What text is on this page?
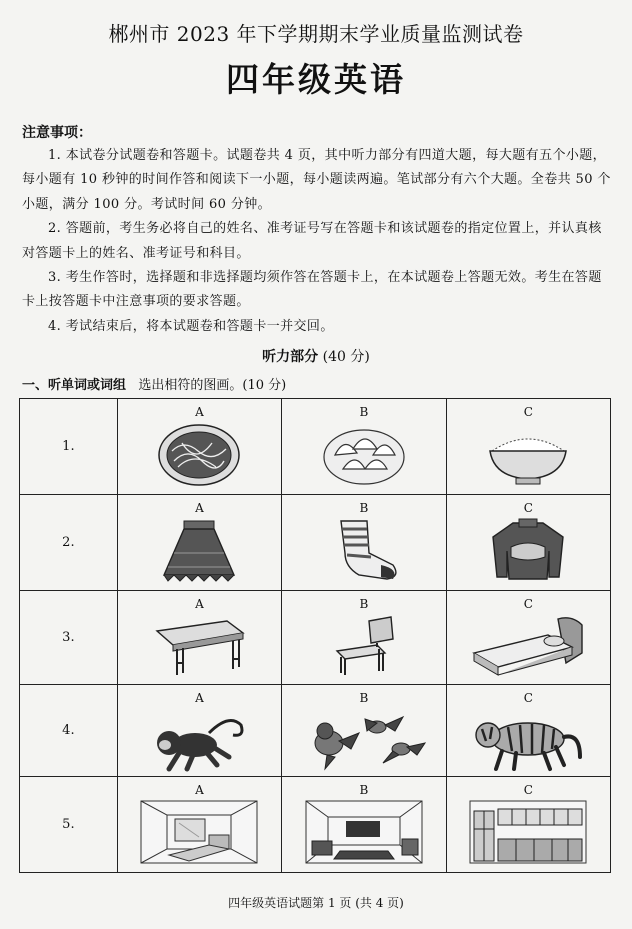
郴州市 2023 年下学期期末学业质量监测试卷
四年级英语
注意事项：

1. 本试卷分试题卷和答题卡。试题卷共 4 页，其中听力部分有四道大题，每大题有五个小题，每小题有 10 秒钟的时间作答和阅读下一小题，每小题读两遍。笔试部分有六个大题。全卷共 50 个小题，满分 100 分。考试时间 60 分钟。

2. 答题前，考生务必将自己的姓名、准考证号写在答题卡和该试题卷的指定位置上，并认真核对答题卡上的姓名、准考证号和科目。

3. 考生作答时，选择题和非选择题均须作答在答题卡上，在本试题卷上答题无效。考生在答题卡上按答题卡中注意事项的要求答题。

4. 考试结束后，将本试题卷和答题卡一并交回。

听力部分 (40 分)
一、听单词或词组 选出相符的图画。(10 分)
1.	A	B	C

2.	A	B	C

3.	A	B	C

4.	A	B	C

5.	A	B	C
四年级英语试题第 1 页 (共 4 页)
